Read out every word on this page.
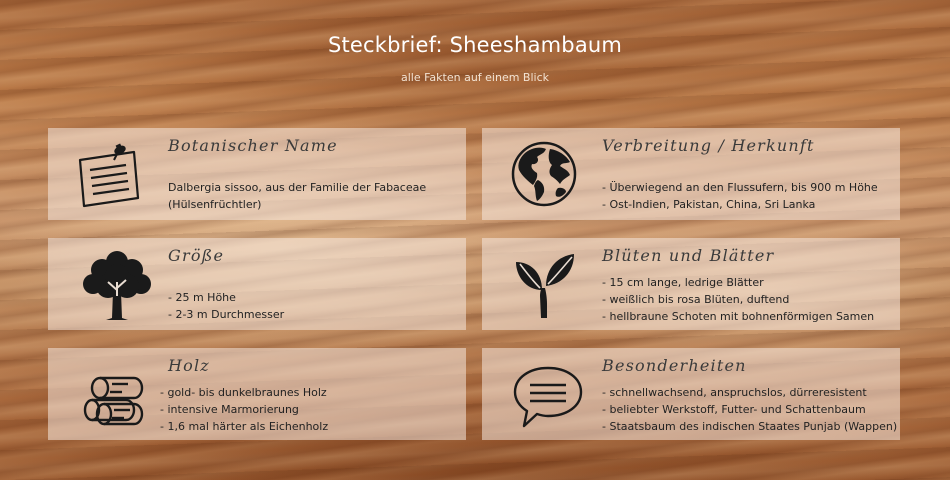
Steckbrief: Sheeshambaum
alle Fakten auf einem Blick
Botanischer Name
Dalbergia sissoo, aus der Familie der Fabaceae
(Hülsenfrüchtler)
Verbreitung / Herkunft
- Überwiegend an den Flussufern, bis 900 m Höhe
- Ost-Indien, Pakistan, China, Sri Lanka
Größe
- 25 m Höhe
- 2-3 m Durchmesser
Blüten und Blätter
- 15 cm lange, ledrige Blätter
- weißlich bis rosa Blüten, duftend
- hellbraune Schoten mit bohnenförmigen Samen
Holz
- gold- bis dunkelbraunes Holz
- intensive Marmorierung
- 1,6 mal härter als Eichenholz
Besonderheiten
- schnellwachsend, anspruchslos, dürreresistent
- beliebter Werkstoff, Futter- und Schattenbaum
- Staatsbaum des indischen Staates Punjab (Wappen)
